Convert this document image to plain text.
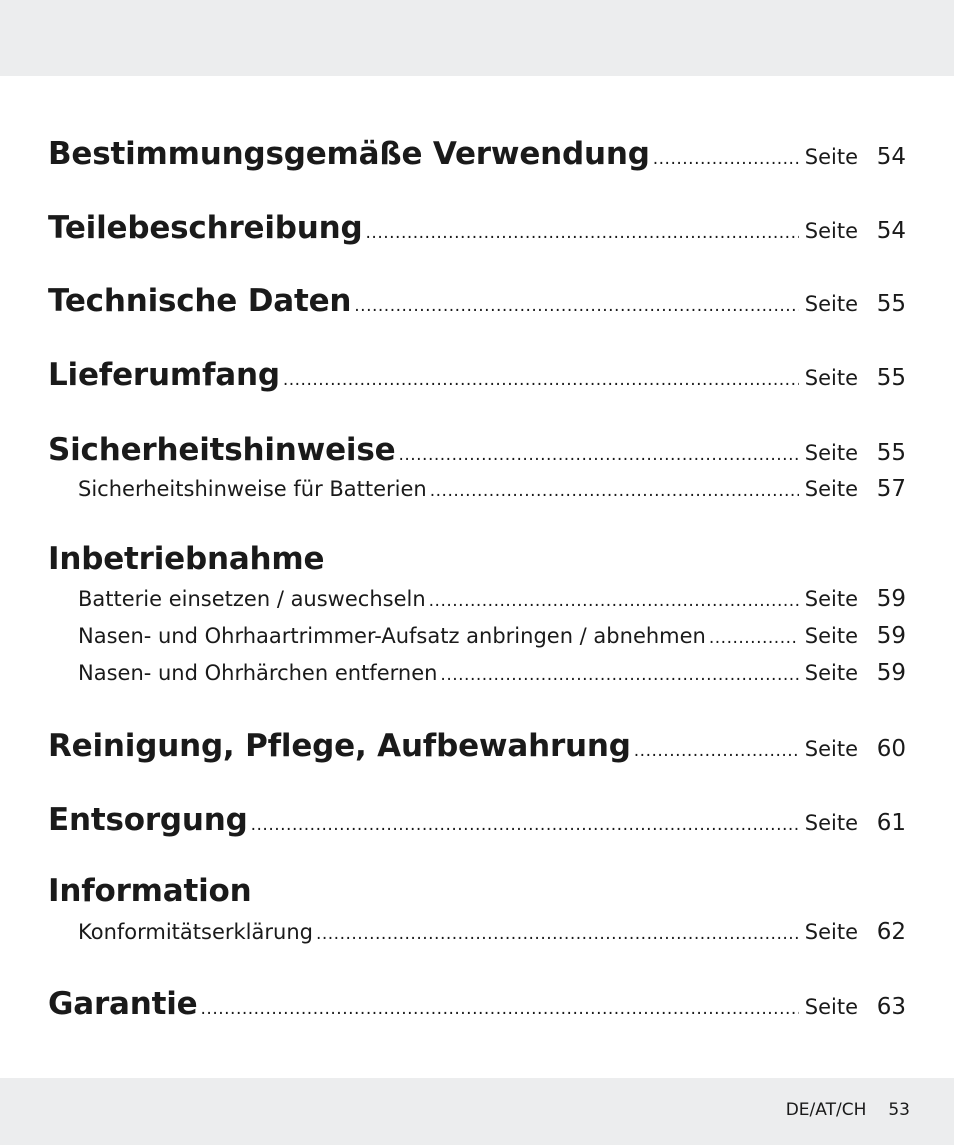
Bestimmungsgemäße Verwendung .....	Seite 54
Teilebeschreibung .....	Seite 54
Technische Daten .....	Seite 55
Lieferumfang .....	Seite 55
Sicherheitshinweise .....	Seite 55
Sicherheitshinweise für Batterien .....	Seite 57
Inbetriebnahme
Batterie einsetzen / auswechseln .....	Seite 59
Nasen- und Ohrhaartrimmer-Aufsatz anbringen / abnehmen .....	Seite 59
Nasen- und Ohrhärchen entfernen .....	Seite 59
Reinigung, Pflege, Aufbewahrung .....	Seite 60
Entsorgung .....	Seite 61
Information
Konformitätserklärung .....	Seite 62
Garantie .....	Seite 63
DE/AT/CH 53
